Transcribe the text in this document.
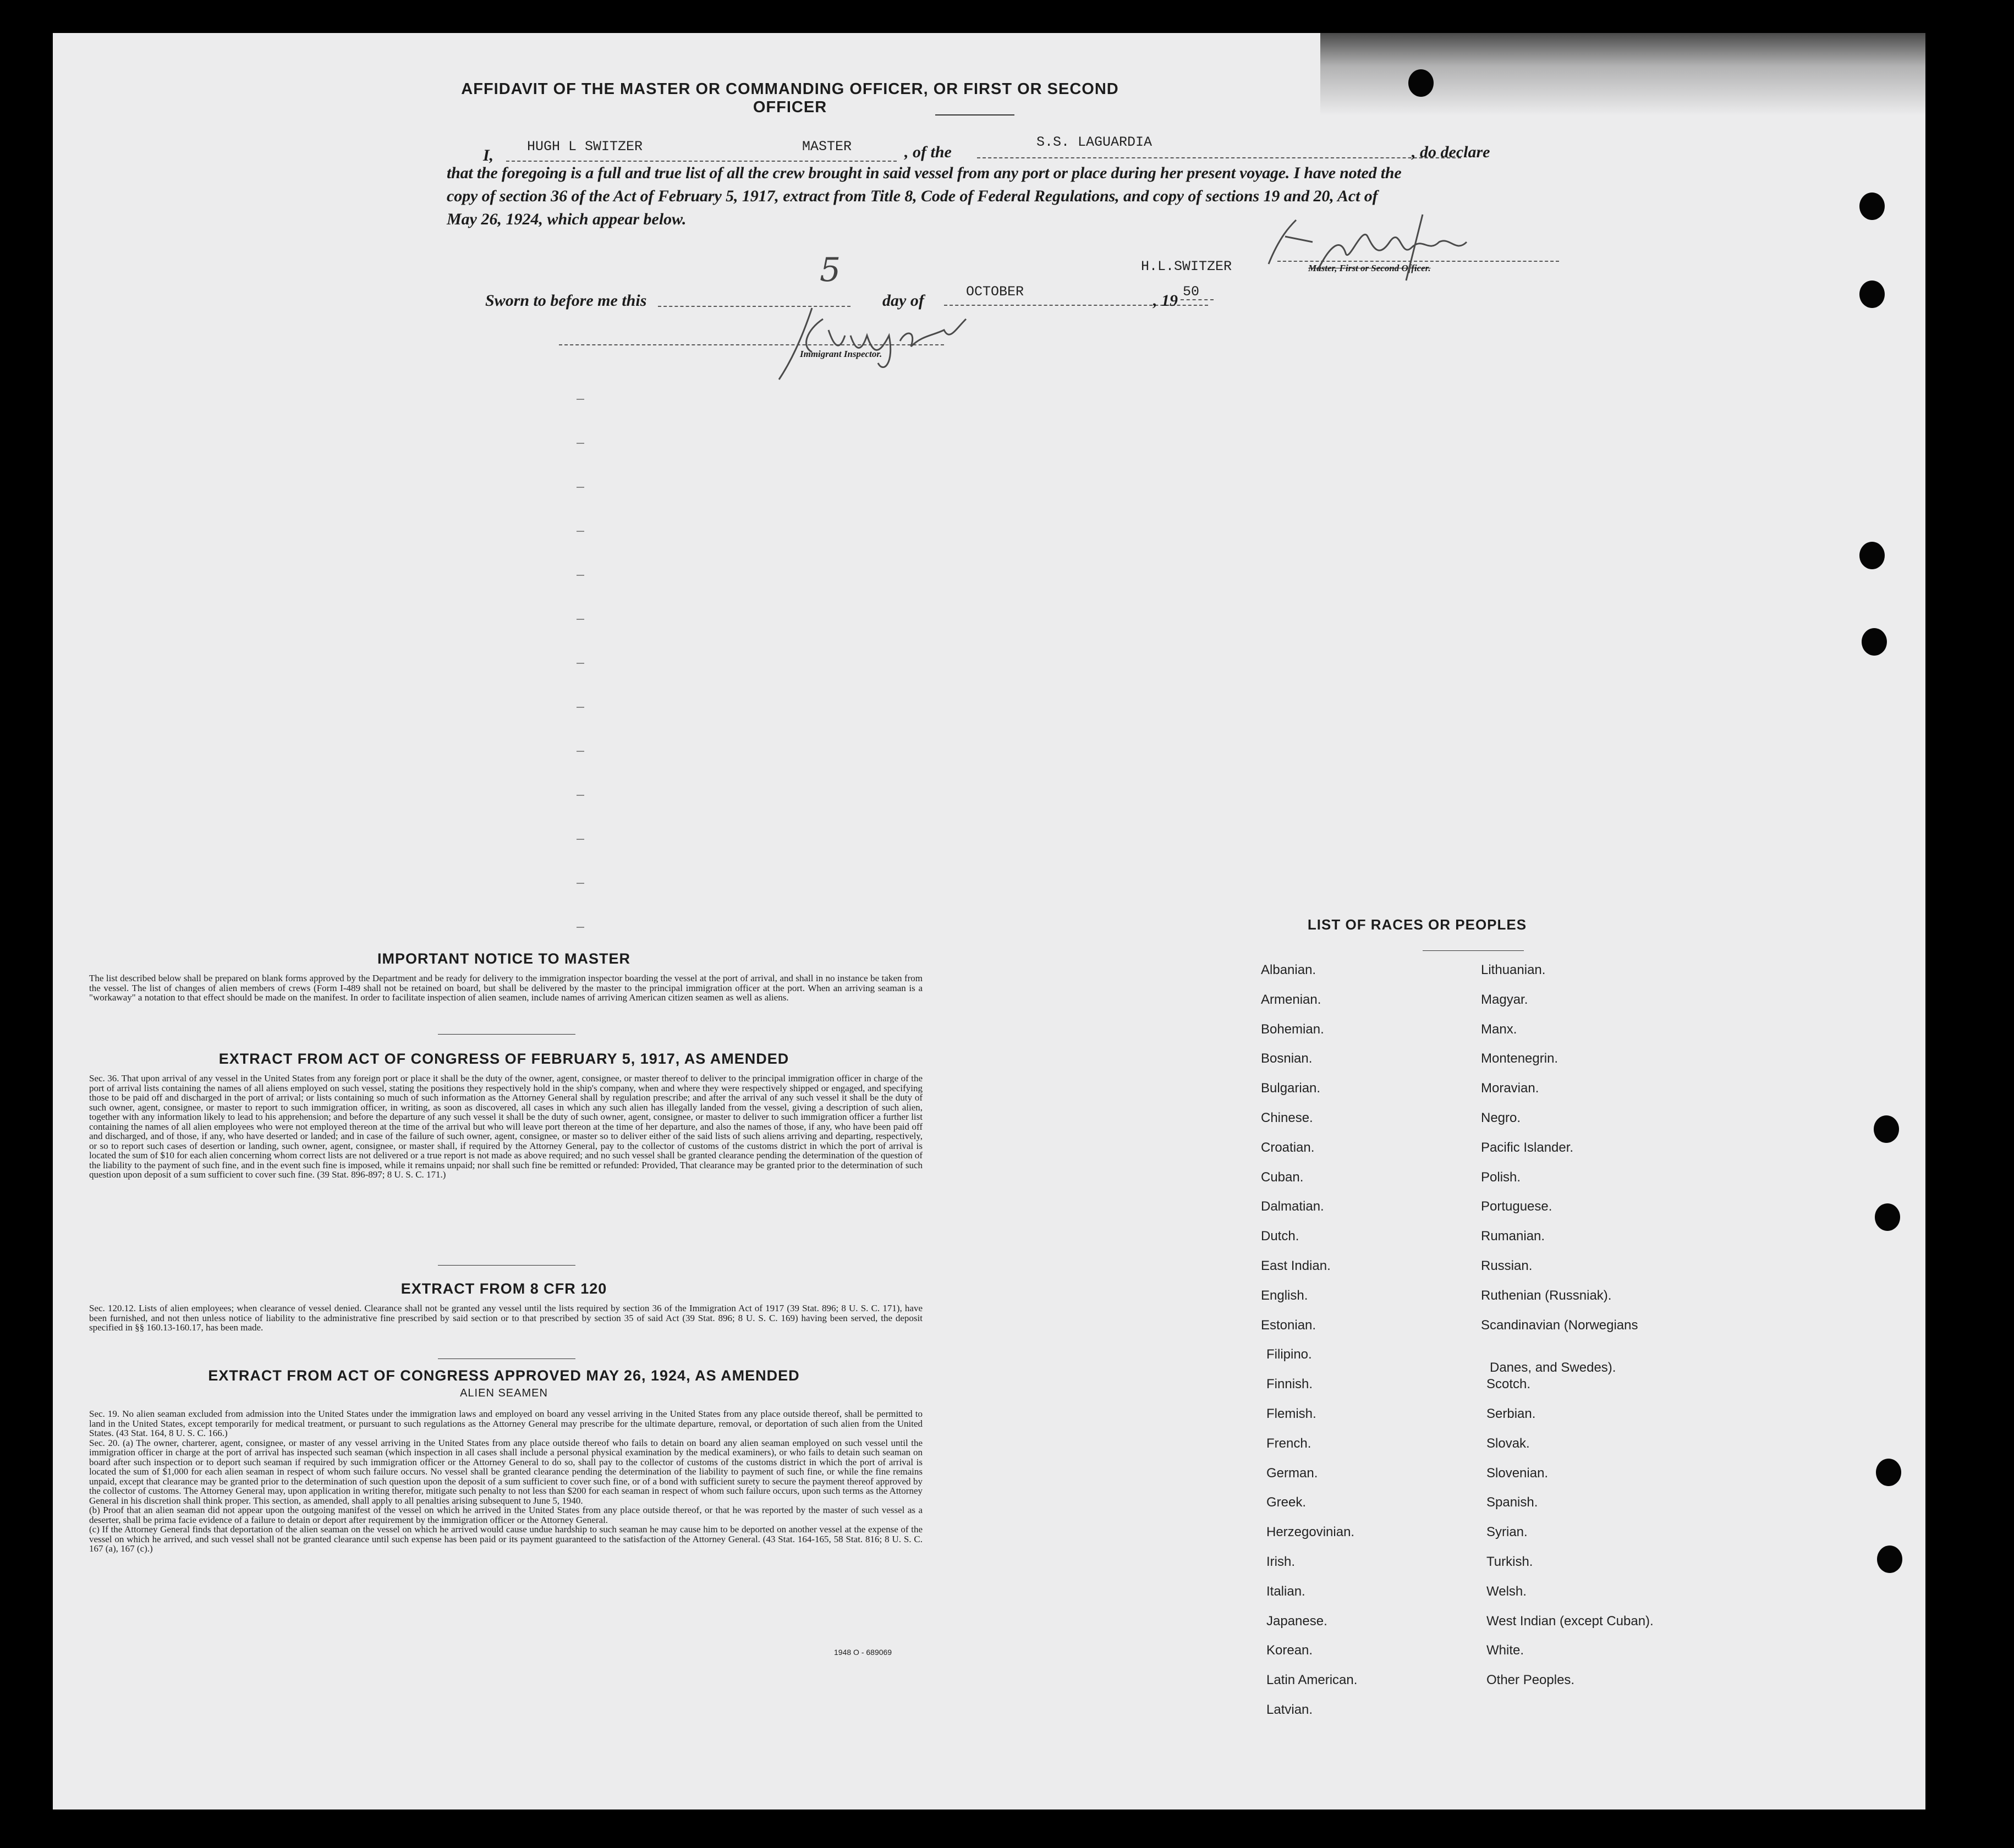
AFFIDAVIT OF THE MASTER OR COMMANDING OFFICER, OR FIRST OR SECOND OFFICER
I, HUGH L SWITZER	MASTER	, of the
S.S. LAGUARDIA
, do declare
that the foregoing is a full and true list of all the crew brought in said vessel from any port or place during her present voyage. I have noted the
copy of section 36 of the Act of February 5, 1917, extract from Title 8, Code of Federal Regulations, and copy of sections 19 and 20, Act of
May 26, 1924, which appear below.
H.L.SWITZER	Master, First or Second Officer.
Sworn to before me this
5
day of	OCTOBER	, 19 50
Immigrant Inspector.
IMPORTANT NOTICE TO MASTER
The list described below shall be prepared on blank forms approved by the Department and be ready for delivery to the immigration inspector boarding the vessel at the port of arrival, and shall in no instance be taken from the vessel. The list of changes of alien members of crews (Form I-489 shall not be retained on board, but shall be delivered by the master to the principal immigration officer at the port. When an arriving seaman is a "workaway" a notation to that effect should be made on the manifest. In order to facilitate inspection of alien seamen, include names of arriving American citizen seamen as well as aliens.
EXTRACT FROM ACT OF CONGRESS OF FEBRUARY 5, 1917, AS AMENDED
Sec. 36. That upon arrival of any vessel in the United States from any foreign port or place it shall be the duty of the owner, agent, consignee, or master thereof to deliver to the principal immigration officer in charge of the port of arrival lists containing the names of all aliens employed on such vessel, stating the positions they respectively hold in the ship's company, when and where they were respectively shipped or engaged, and specifying those to be paid off and discharged in the port of arrival; or lists containing so much of such information as the Attorney General shall by regulation prescribe; and after the arrival of any such vessel it shall be the duty of such owner, agent, consignee, or master to report to such immigration officer, in writing, as soon as discovered, all cases in which any such alien has illegally landed from the vessel, giving a description of such alien, together with any information likely to lead to his apprehension; and before the departure of any such vessel it shall be the duty of such owner, agent, consignee, or master to deliver to such immigration officer a further list containing the names of all alien employees who were not employed thereon at the time of the arrival but who will leave port thereon at the time of her departure, and also the names of those, if any, who have been paid off and discharged, and of those, if any, who have deserted or landed; and in case of the failure of such owner, agent, consignee, or master so to deliver either of the said lists of such aliens arriving and departing, respectively, or so to report such cases of desertion or landing, such owner, agent, consignee, or master shall, if required by the Attorney General, pay to the collector of customs of the customs district in which the port of arrival is located the sum of $10 for each alien concerning whom correct lists are not delivered or a true report is not made as above required; and no such vessel shall be granted clearance pending the determination of the question of the liability to the payment of such fine, and in the event such fine is imposed, while it remains unpaid; nor shall such fine be remitted or refunded: Provided, That clearance may be granted prior to the determination of such question upon deposit of a sum sufficient to cover such fine. (39 Stat. 896-897; 8 U. S. C. 171.)
EXTRACT FROM 8 CFR 120
Sec. 120.12. Lists of alien employees; when clearance of vessel denied. Clearance shall not be granted any vessel until the lists required by section 36 of the Immigration Act of 1917 (39 Stat. 896; 8 U. S. C. 171), have been furnished, and not then unless notice of liability to the administrative fine prescribed by said section or to that prescribed by section 35 of said Act (39 Stat. 896; 8 U. S. C. 169) having been served, the deposit specified in §§ 160.13-160.17, has been made.
EXTRACT FROM ACT OF CONGRESS APPROVED MAY 26, 1924, AS AMENDED
ALIEN SEAMEN

Sec. 19. No alien seaman excluded from admission into the United States under the immigration laws and employed on board any vessel arriving in the United States from any place outside thereof, shall be permitted to land in the United States, except temporarily for medical treatment, or pursuant to such regulations as the Attorney General may prescribe for the ultimate departure, removal, or deportation of such alien from the United States. (43 Stat. 164, 8 U. S. C. 166.)

Sec. 20. (a) The owner, charterer, agent, consignee, or master of any vessel arriving in the United States from any place outside thereof who fails to detain on board any alien seaman employed on such vessel until the immigration officer in charge at the port of arrival has inspected such seaman (which inspection in all cases shall include a personal physical examination by the medical examiners), or who fails to detain such seaman on board after such inspection or to deport such seaman if required by such immigration officer or the Attorney General to do so, shall pay to the collector of customs of the customs district in which the port of arrival is located the sum of $1,000 for each alien seaman in respect of whom such failure occurs. No vessel shall be granted clearance pending the determination of the liability to payment of such fine, or while the fine remains unpaid, except that clearance may be granted prior to the determination of such question upon the deposit of a sum sufficient to cover such fine, or of a bond with sufficient surety to secure the payment thereof approved by the collector of customs. The Attorney General may, upon application in writing therefor, mitigate such penalty to not less than $200 for each seaman in respect of whom such failure occurs, upon such terms as the Attorney General in his discretion shall think proper. This section, as amended, shall apply to all penalties arising subsequent to June 5, 1940.

(b) Proof that an alien seaman did not appear upon the outgoing manifest of the vessel on which he arrived in the United States from any place outside thereof, or that he was reported by the master of such vessel as a deserter, shall be prima facie evidence of a failure to detain or deport after requirement by the immigration officer or the Attorney General.

(c) If the Attorney General finds that deportation of the alien seaman on the vessel on which he arrived would cause undue hardship to such seaman he may cause him to be deported on another vessel at the expense of the vessel on which he arrived, and such vessel shall not be granted clearance until such expense has been paid or its payment guaranteed to the satisfaction of the Attorney General. (43 Stat. 164-165, 58 Stat. 816; 8 U. S. C. 167 (a), 167 (c).)

1948 O - 689069
LIST OF RACES OR PEOPLES
Albanian.
Armenian.
Bohemian.
Bosnian.
Bulgarian.
Chinese.
Croatian.
Cuban.
Dalmatian.
Dutch.
East Indian.
English.
Estonian.
Filipino.
Finnish.
Flemish.
French.
German.
Greek.
Herzegovinian.
Irish.
Italian.
Japanese.
Korean.
Latin American.
Latvian.
Lithuanian.
Magyar.
Manx.
Montenegrin.
Moravian.
Negro.
Pacific Islander.
Polish.
Portuguese.
Rumanian.
Russian.
Ruthenian (Russniak).
Scandinavian (Norwegians
Danes, and Swedes).
Scotch.
Serbian.
Slovak.
Slovenian.
Spanish.
Syrian.
Turkish.
Welsh.
West Indian (except Cuban).
White.
Other Peoples.
